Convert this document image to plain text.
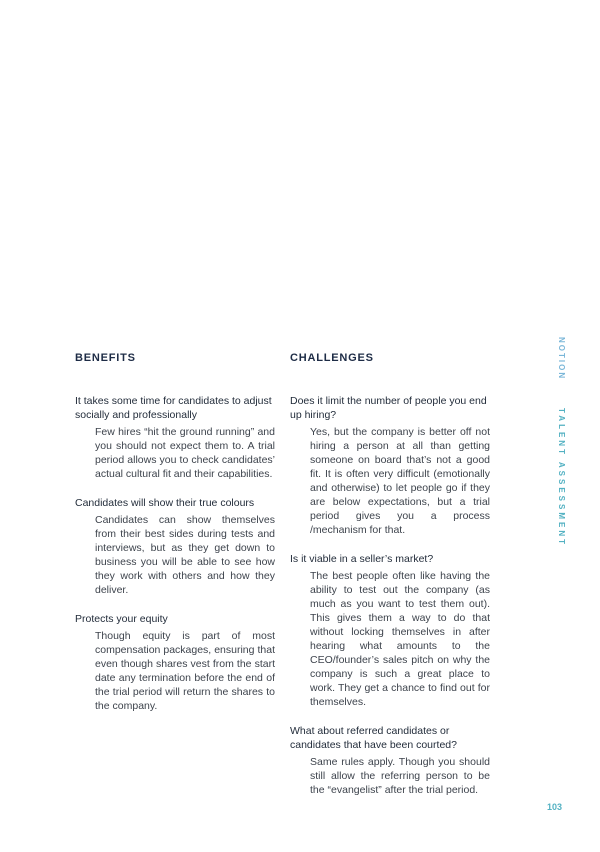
BENEFITS
It takes some time for candidates to adjust socially and professionally
Few hires “hit the ground running” and you should not expect them to. A trial period allows you to check candidates’ actual cultural fit and their capabilities.
Candidates will show their true colours
Candidates can show themselves from their best sides during tests and interviews, but as they get down to business you will be able to see how they work with others and how they deliver.
Protects your equity
Though equity is part of most compensation packages, ensuring that even though shares vest from the start date any termination before the end of the trial period will return the shares to the company.
CHALLENGES
Does it limit the number of people you end up hiring?
Yes, but the company is better off not hiring a person at all than getting someone on board that’s not a good fit. It is often very difficult (emotionally and otherwise) to let people go if they are below expectations, but a trial period gives you a process /mechanism for that.
Is it viable in a seller’s market?
The best people often like having the ability to test out the company (as much as you want to test them out). This gives them a way to do that without locking themselves in after hearing what amounts to the CEO/founder’s sales pitch on why the company is such a great place to work. They get a chance to find out for themselves.
What about referred candidates or candidates that have been courted?
Same rules apply. Though you should still allow the referring person to be the “evangelist” after the trial period.
NOTION
TALENT ASSESSMENT
103
